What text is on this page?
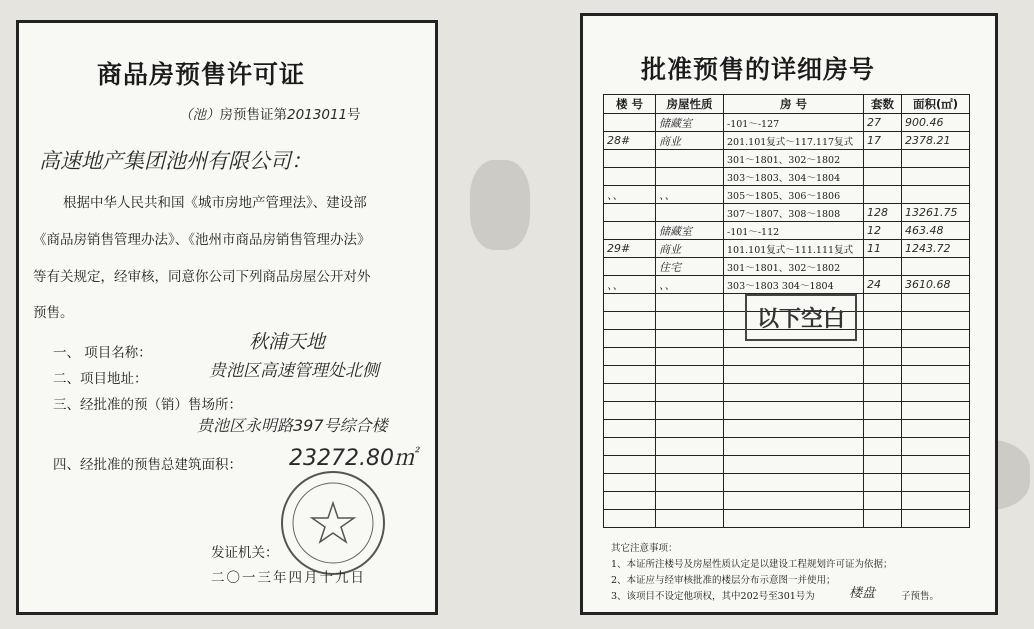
商品房预售许可证
（池）房预售证第2013011号
高速地产集团池州有限公司：
根据中华人民共和国《城市房地产管理法》、建设部
《商品房销售管理办法》、《池州市商品房销售管理办法》
等有关规定，经审核，同意你公司下列商品房屋公开对外
预售。
一、 项目名称：	秋浦天地
二、项目地址：	贵池区高速管理处北侧
三、经批准的预（销）售场所：
贵池区永明路397号综合楼
四、经批准的预售总建筑面积： 23272.80㎡
发证机关：
二〇一三年四月十九日
批准预售的详细房号
楼 号	房屋性质	房 号	套数	面积(㎡)
	储藏室	-101～-127	27	900.46
28#	商业	201.101复式～117.117复式	17	2378.21
		301～1801、302～1802		
		303～1803、304～1804		
、、	、、	305～1805、306～1806		
		307～1807、308～1808	128	13261.75
	储藏室	-101～-112	12	463.48
29#	商业	101.101复式～111.111复式	11	1243.72
	住宅	301～1801、302～1802		
、、	、、	303～1803 304～1804	24	3610.68

以下空白
其它注意事项：
1、本证所注楼号及房屋性质认定是以建设工程规划许可证为依据；
2、本证应与经审核批准的楼层分布示意图一并使用；
3、该项目不设定他项权，其中202号至301号为	楼盘	子预售。
